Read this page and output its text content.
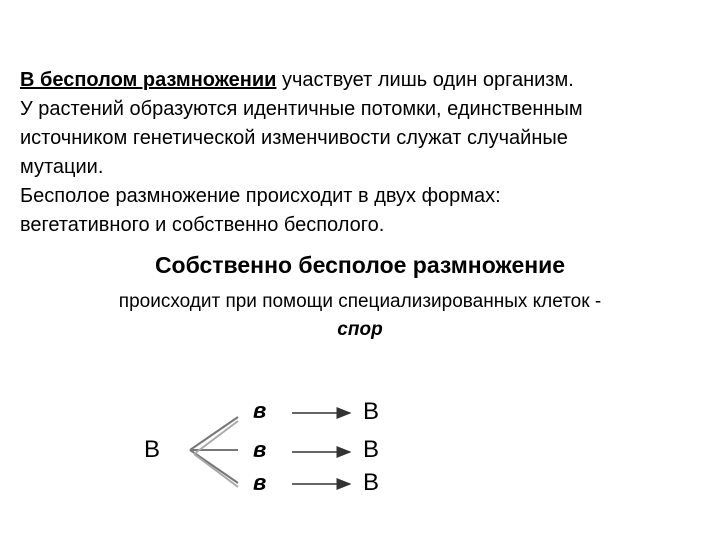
В бесполом размножении участвует лишь один организм.
У растений образуются идентичные потомки, единственным
источником генетической изменчивости служат случайные
мутации.
Бесполое размножение происходит в двух формах:
вегетативного и собственно бесполого.

Собственно бесполое размножение

происходит при помощи специализированных клеток -
спор

В
в
в
в
В
В
В
